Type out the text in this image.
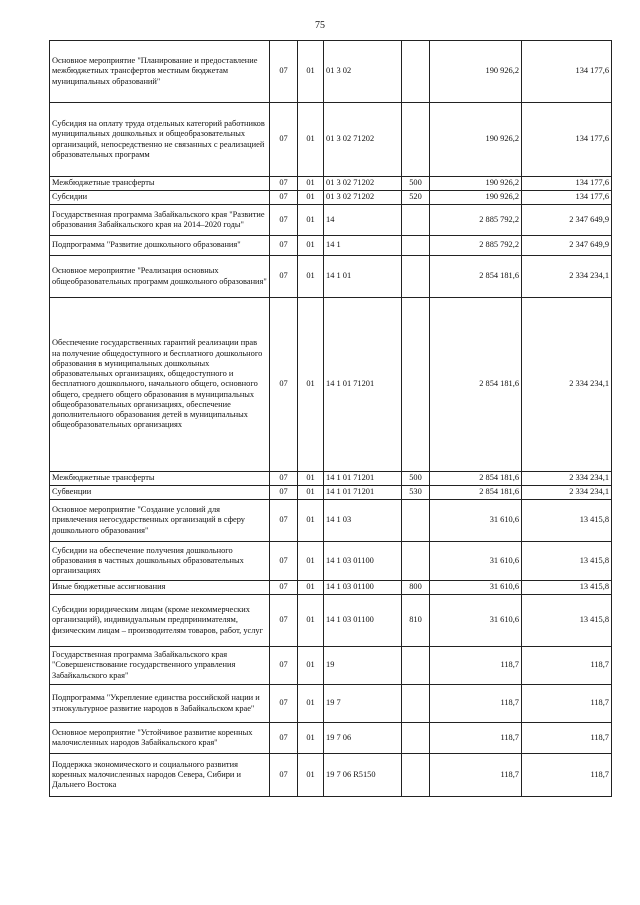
75
Основное мероприятие "Планирование и предоставление межбюджетных трансфертов местным бюджетам муниципальных образований"	07	01	01 3 02		190 926,2	134 177,6
Субсидия на оплату труда отдельных категорий работников муниципальных дошкольных и общеобразовательных организаций, непосредственно не связанных с реализацией образовательных программ	07	01	01 3 02 71202		190 926,2	134 177,6
Межбюджетные трансферты	07	01	01 3 02 71202	500	190 926,2	134 177,6
Субсидии	07	01	01 3 02 71202	520	190 926,2	134 177,6
Государственная программа Забайкальского края "Развитие образования Забайкальского края на 2014–2020 годы"	07	01	14		2 885 792,2	2 347 649,9
Подпрограмма "Развитие дошкольного образования"	07	01	14 1		2 885 792,2	2 347 649,9
Основное мероприятие "Реализация основных общеобразовательных программ дошкольного образования"	07	01	14 1 01		2 854 181,6	2 334 234,1
Обеспечение государственных гарантий реализации прав на получение общедоступного и бесплатного дошкольного образования в муниципальных дошкольных образовательных организациях, общедоступного и бесплатного дошкольного, начального общего, основного общего, среднего общего образования в муниципальных общеобразовательных организациях, обеспечение дополнительного образования детей в муниципальных общеобразовательных организациях	07	01	14 1 01 71201		2 854 181,6	2 334 234,1
Межбюджетные трансферты	07	01	14 1 01 71201	500	2 854 181,6	2 334 234,1
Субвенции	07	01	14 1 01 71201	530	2 854 181,6	2 334 234,1
Основное мероприятие "Создание условий для привлечения негосударственных организаций в сферу дошкольного образования"	07	01	14 1 03		31 610,6	13 415,8
Субсидии на обеспечение получения дошкольного образования в частных дошкольных образовательных организациях	07	01	14 1 03 01100		31 610,6	13 415,8
Иные бюджетные ассигнования	07	01	14 1 03 01100	800	31 610,6	13 415,8
Субсидии юридическим лицам (кроме некоммерческих организаций), индивидуальным предпринимателям, физическим лицам – производителям товаров, работ, услуг	07	01	14 1 03 01100	810	31 610,6	13 415,8
Государственная программа Забайкальского края "Совершенствование государственного управления Забайкальского края"	07	01	19		118,7	118,7
Подпрограмма "Укрепление единства российской нации и этнокультурное развитие народов в Забайкальском крае"	07	01	19 7		118,7	118,7
Основное мероприятие "Устойчивое развитие коренных малочисленных народов Забайкальского края"	07	01	19 7 06		118,7	118,7
Поддержка экономического и социального развития коренных малочисленных народов Севера, Сибири и Дальнего Востока	07	01	19 7 06 R5150		118,7	118,7
